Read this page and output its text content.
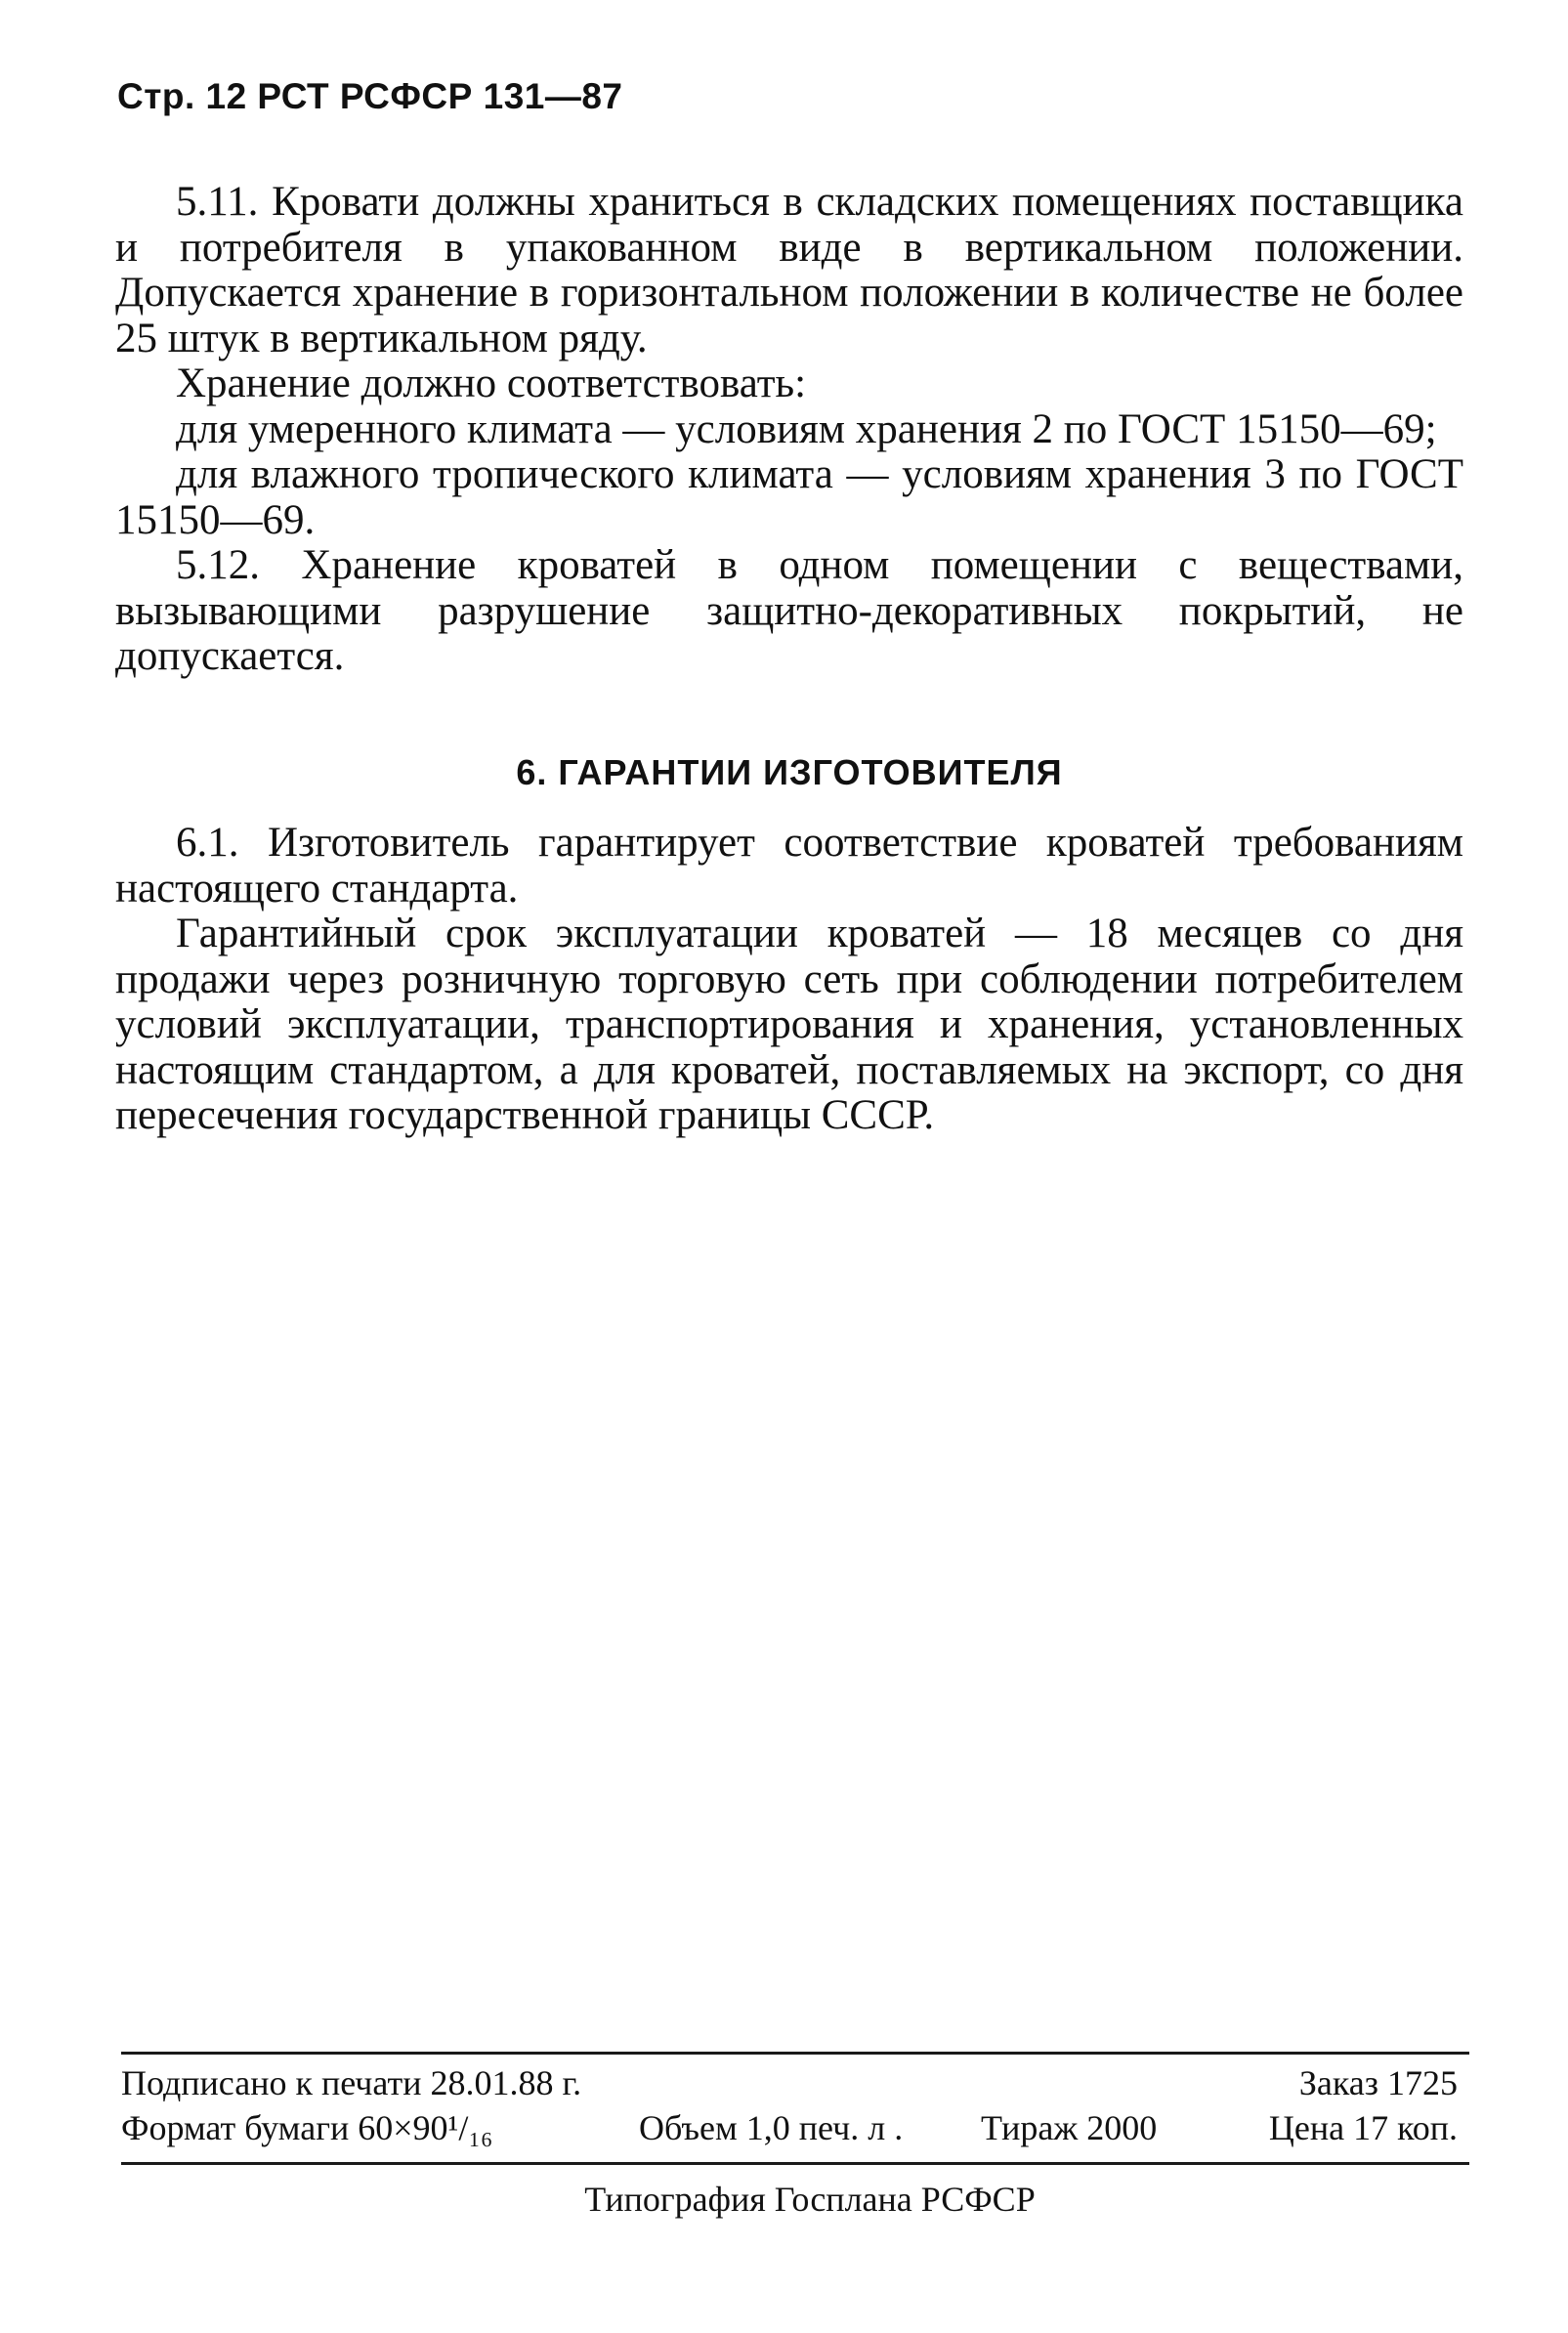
Стр. 12 РСТ РСФСР 131—87

5.11. Кровати должны храниться в складских помещениях поставщика и потребителя в упакованном виде в вертикальном положении. Допускается хранение в горизонтальном положении в количестве не более 25 штук в вертикальном ряду.

Хранение должно соответствовать:

для умеренного климата — условиям хранения 2 по ГОСТ 15150—69;

для влажного тропического климата — условиям хранения 3 по ГОСТ 15150—69.

5.12. Хранение кроватей в одном помещении с веществами, вызывающими разрушение защитно-декоративных покрытий, не допускается.

6. ГАРАНТИИ ИЗГОТОВИТЕЛЯ

6.1. Изготовитель гарантирует соответствие кроватей требованиям настоящего стандарта.

Гарантийный срок эксплуатации кроватей — 18 месяцев со дня продажи через розничную торговую сеть при соблюдении потребителем условий эксплуатации, транспортирования и хранения, установленных настоящим стандартом, а для кроватей, поставляемых на экспорт, со дня пересечения государственной границы СССР.

Подписано к печати 28.01.88 г.	Заказ 1725
Формат бумаги 60×90¹/₁₆	Объем 1,0 печ. л . Тираж 2000	Цена 17 коп.
Типография Госплана РСФСР
